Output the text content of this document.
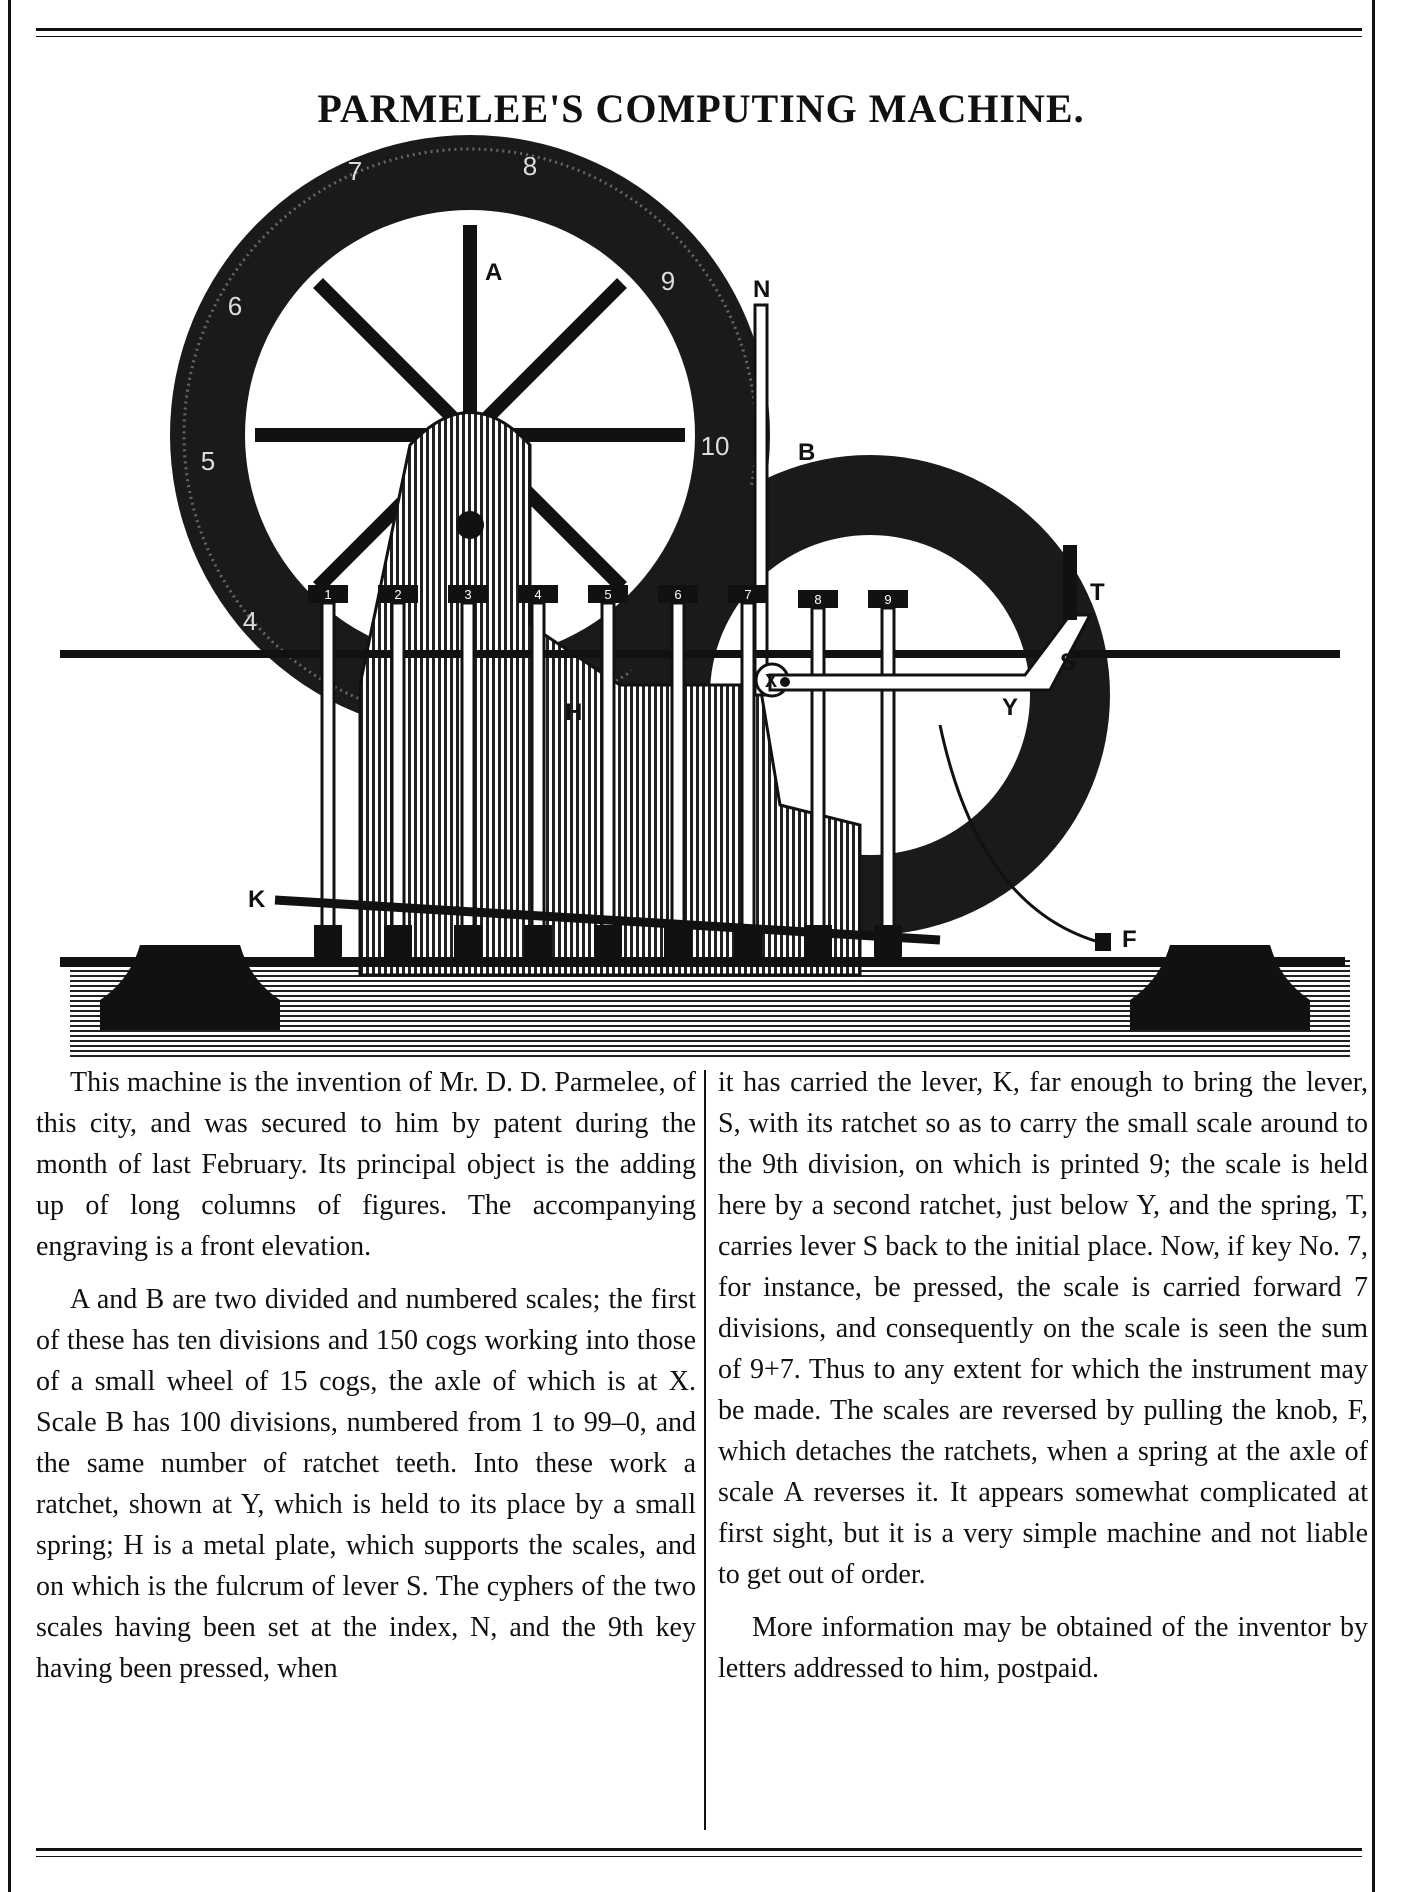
PARMELEE'S COMPUTING MACHINE.
1	2	3	4	5	6	7	8	9
4
5
6
7	8
9
10
A
B
N
H
K
T
S
Y
F
X

This machine is the invention of Mr. D. D. Parmelee, of this city, and was secured to him by patent during the month of last February. Its principal object is the adding up of long columns of figures. The accompanying engraving is a front elevation.

A and B are two divided and numbered scales; the first of these has ten divisions and 150 cogs working into those of a small wheel of 15 cogs, the axle of which is at X. Scale B has 100 divisions, numbered from 1 to 99–0, and the same number of ratchet teeth. Into these work a ratchet, shown at Y, which is held to its place by a small spring; H is a metal plate, which supports the scales, and on which is the fulcrum of lever S. The cyphers of the two scales having been set at the index, N, and the 9th key having been pressed, when

it has carried the lever, K, far enough to bring the lever, S, with its ratchet so as to carry the small scale around to the 9th division, on which is printed 9; the scale is held here by a second ratchet, just below Y, and the spring, T, carries lever S back to the initial place. Now, if key No. 7, for instance, be pressed, the scale is carried forward 7 divisions, and consequently on the scale is seen the sum of 9+7. Thus to any extent for which the instrument may be made. The scales are reversed by pulling the knob, F, which detaches the ratchets, when a spring at the axle of scale A reverses it. It appears somewhat complicated at first sight, but it is a very simple machine and not liable to get out of order.

More information may be obtained of the inventor by letters addressed to him, postpaid.
